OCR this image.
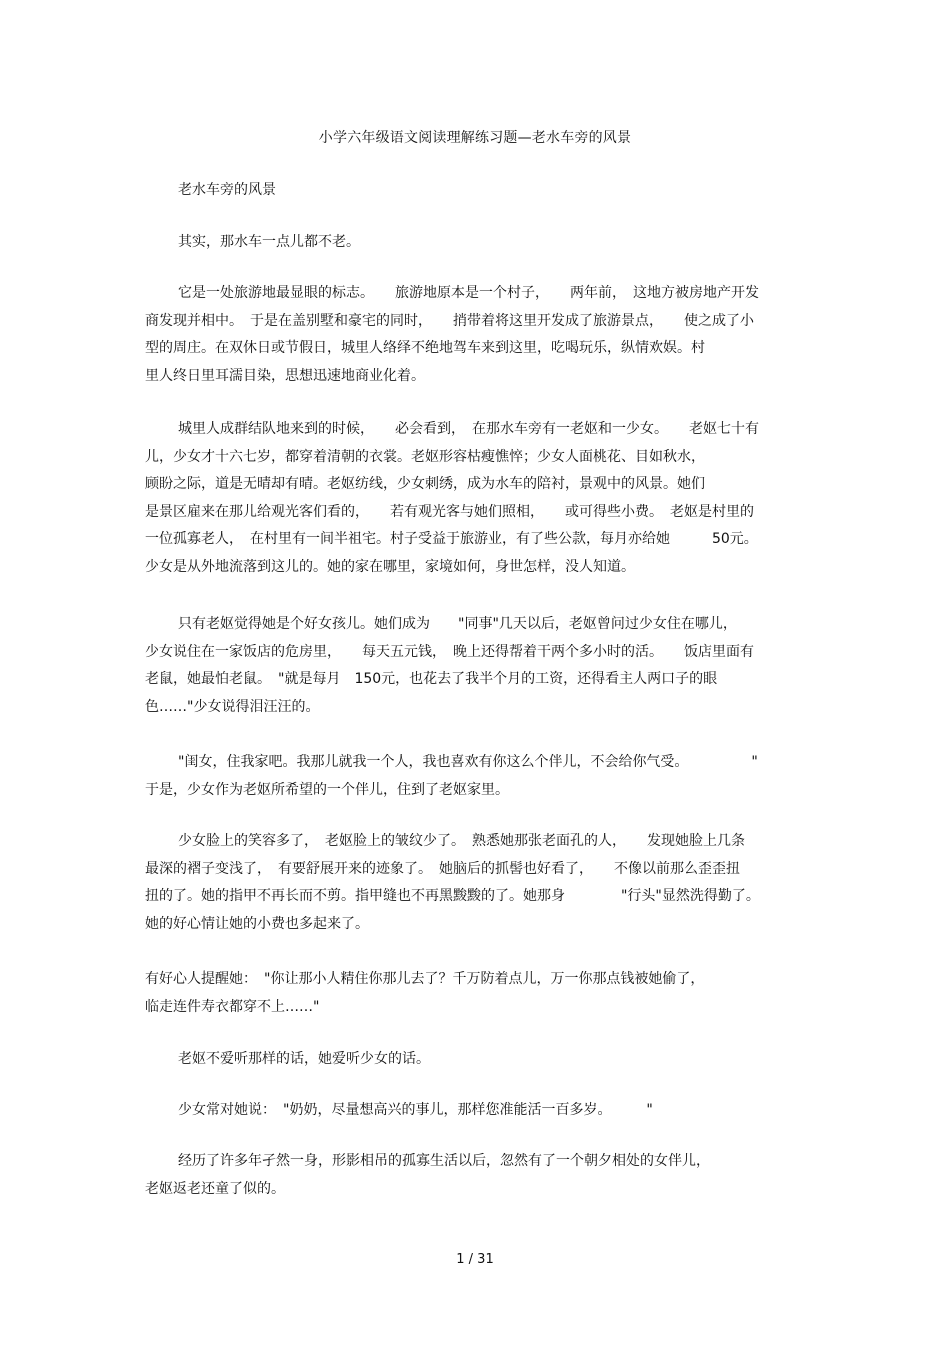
小学六年级语文阅读理解练习题—老水车旁的风景
老水车旁的风景
其实，那水车一点儿都不老。
它是一处旅游地最显眼的标志。　　旅游地原本是一个村子，　　两年前，　这地方被房地产开发
商发现并相中。　于是在盖别墅和豪宅的同时，　　捎带着将这里开发成了旅游景点，　　使之成了小
型的周庄。在双休日或节假日，城里人络绎不绝地驾车来到这里，吃喝玩乐，纵情欢娱。村
里人终日里耳濡目染，思想迅速地商业化着。
城里人成群结队地来到的时候，　　必会看到，　在那水车旁有一老妪和一少女。　　老妪七十有
儿，少女才十六七岁，都穿着清朝的衣裳。老妪形容枯瘦憔悴；少女人面桃花、目如秋水，
顾盼之际，道是无晴却有晴。老妪纺线，少女刺绣，成为水车的陪衬，景观中的风景。她们
是景区雇来在那儿给观光客们看的，　　若有观光客与她们照相，　　或可得些小费。　老妪是村里的
一位孤寡老人，　在村里有一间半祖宅。村子受益于旅游业，有了些公款，每月亦给她　　　50元。
少女是从外地流落到这儿的。她的家在哪里，家境如何，身世怎样，没人知道。
只有老妪觉得她是个好女孩儿。她们成为　　"同事"几天以后，老妪曾问过少女住在哪儿，
少女说住在一家饭店的危房里，　　每天五元钱，　晚上还得帮着干两个多小时的活。　　饭店里面有
老鼠，她最怕老鼠。　"就是每月　150元，也花去了我半个月的工资，还得看主人两口子的眼
色……"少女说得泪汪汪的。
"闺女，住我家吧。我那儿就我一个人，我也喜欢有你这么个伴儿，不会给你气受。　　　　　"
于是，少女作为老妪所希望的一个伴儿，住到了老妪家里。
少女脸上的笑容多了，　老妪脸上的皱纹少了。　熟悉她那张老面孔的人，　　发现她脸上几条
最深的褶子变浅了，　有要舒展开来的迹象了。　她脑后的抓髻也好看了，　　不像以前那么歪歪扭
扭的了。她的指甲不再长而不剪。指甲缝也不再黑黢黢的了。她那身　　　　"行头"显然洗得勤了。
她的好心情让她的小费也多起来了。
有好心人提醒她：　"你让那小人精住你那儿去了？千万防着点儿，万一你那点钱被她偷了，
临走连件寿衣都穿不上……"
老妪不爱听那样的话，她爱听少女的话。
少女常对她说：　"奶奶，尽量想高兴的事儿，那样您准能活一百多岁。　　　"
经历了许多年孑然一身，形影相吊的孤寡生活以后，忽然有了一个朝夕相处的女伴儿，
老妪返老还童了似的。
1 / 31
